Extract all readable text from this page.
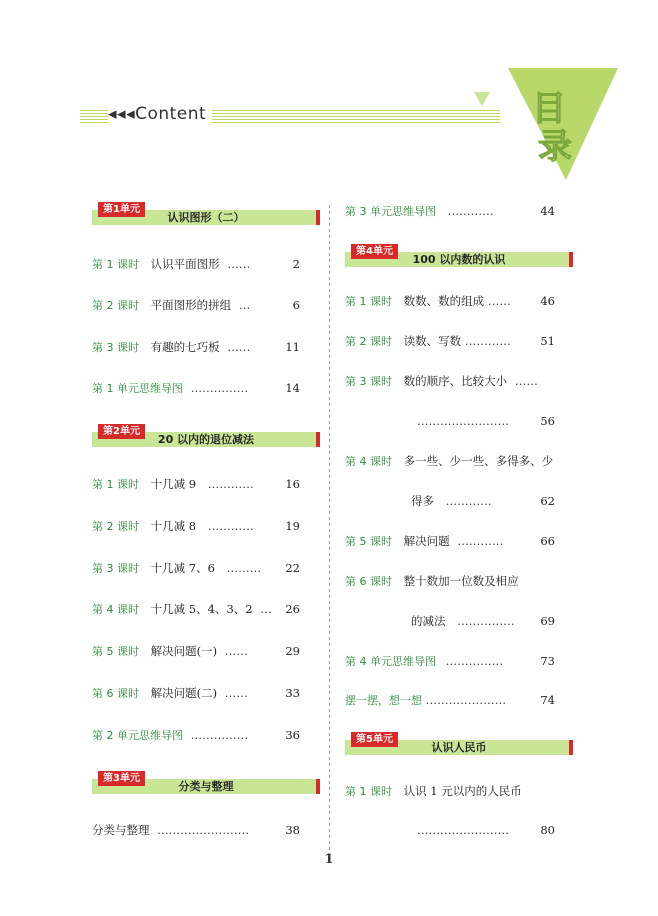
◂◂◂Content	目
录
第1单元
认识图形（二）
第 1 课时 认识平面图形 ……	2
第 2 课时 平面图形的拼组 …	6
第 3 课时 有趣的七巧板 ……	11
第 1 单元思维导图 ……………	14
第2单元
20 以内的退位减法
第 1 课时 十几减 9 …………	16
第 2 课时 十几减 8 …………	19
第 3 课时 十几减 7、6 ………	22
第 4 课时 十几减 5、4、3、2 …	26
第 5 课时 解决问题(一) ……	29
第 6 课时 解决问题(二) ……	33
第 2 单元思维导图 ……………	36
第3单元
分类与整理
分类与整理 ……………………	38
第 3 单元思维导图 …………	44
第4单元
100 以内数的认识
第 1 课时 数数、数的组成 ……	46
第 2 课时 读数、写数 …………	51
第 3 课时 数的顺序、比较大小 ……
……………………	56
第 4 课时 多一些、少一些、多得多、少
得多 …………	62
第 5 课时 解决问题 …………	66
第 6 课时 整十数加一位数及相应
的减法 ……………	69
第 4 单元思维导图 ……………	73
摆一摆，想一想 …………………	74
第5单元
认识人民币
第 1 课时 认识 1 元以内的人民币
……………………	80
1
